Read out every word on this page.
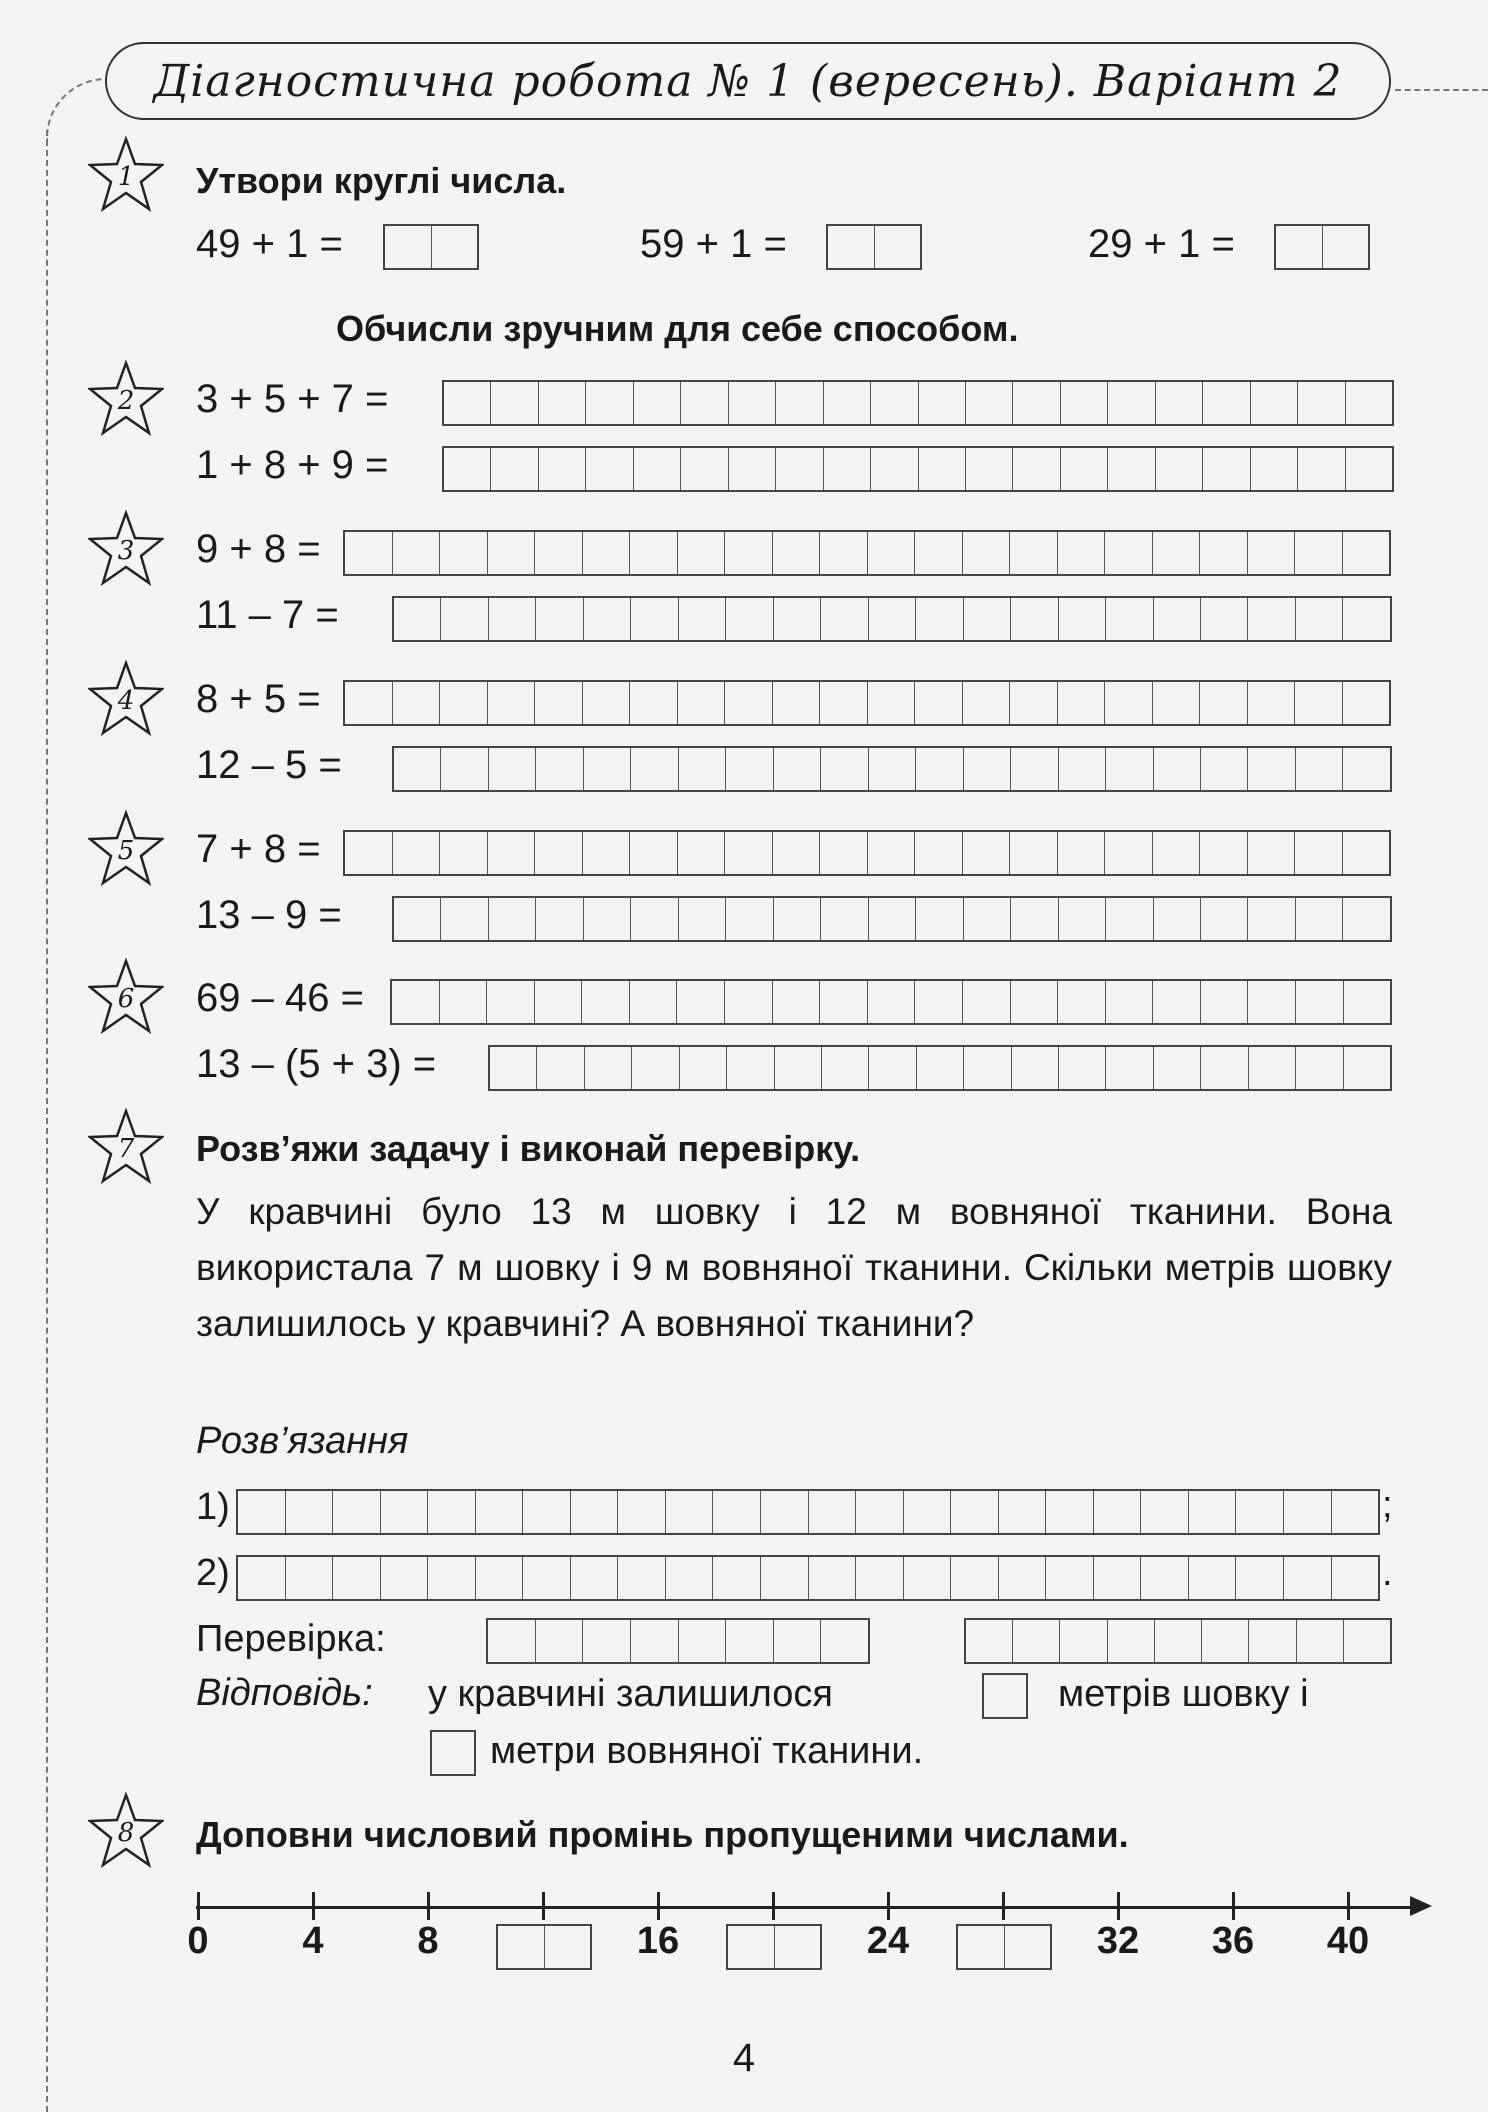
Діагностична робота № 1 (вересень). Варіант 2
1
2
3
4
5
6
7
8
Утвори круглі числа.
49 + 1 =	59 + 1 =	29 + 1 =
Обчисли зручним для себе способом.
3 + 5 + 7 =
1 + 8 + 9 =
9 + 8 =
11 – 7 =
8 + 5 =
12 – 5 =
7 + 8 =
13 – 9 =
69 – 46 =
13 – (5 + 3) =
Розв’яжи задачу і виконай перевірку.
У кравчині було 13 м шовку і 12 м вовняної тканини. Вона використала 7 м шовку і 9 м вовняної тканини. Скільки метрів шовку залишилось у кравчині? А вовняної тканини?
Розв’язання
1)	;
2)	.
Перевірка:
Відповідь: у кравчині залишилося	метрів шовку і
метри вовняної тканини.
Доповни числовий промінь пропущеними числами.
0	4	8	16	24	32	36	40
4
